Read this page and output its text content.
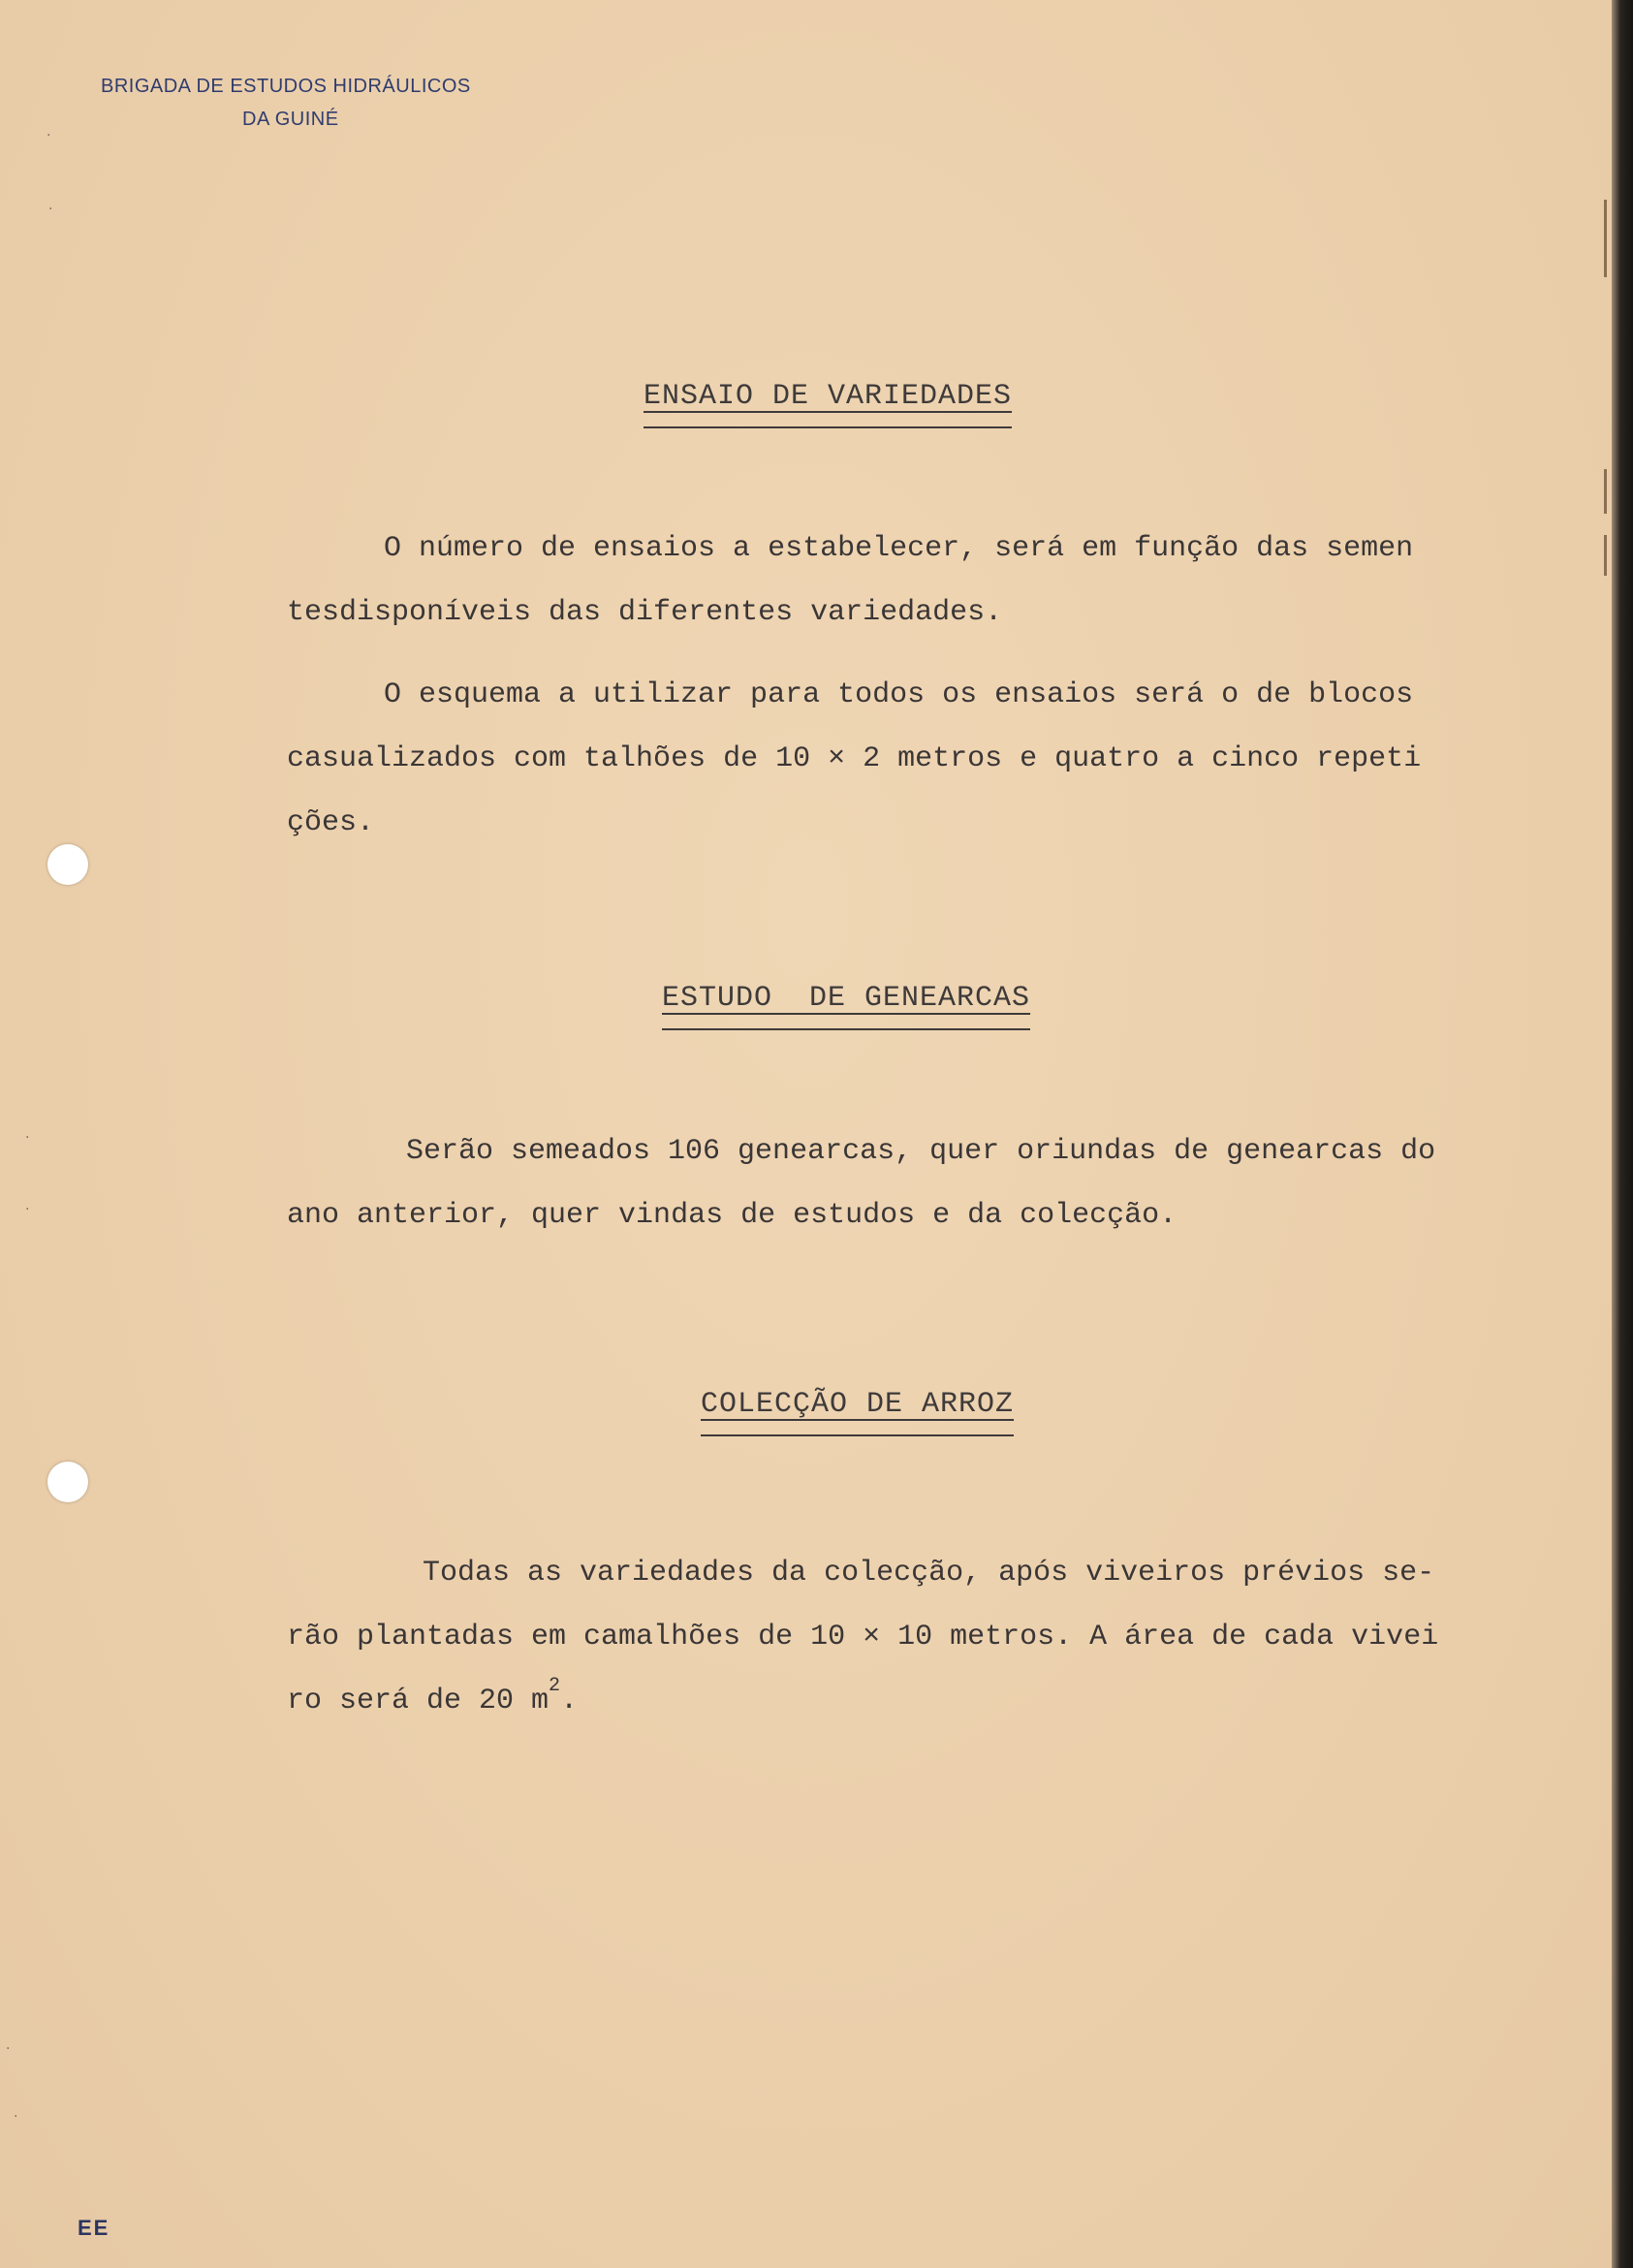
BRIGADA DE ESTUDOS HIDRÁULICOS
DA GUINÉ
ENSAIO DE VARIEDADES
O número de ensaios a estabelecer, será em função das semen
tesdisponíveis das diferentes variedades.
O esquema a utilizar para todos os ensaios será o de blocos
casualizados com talhões de 10 × 2 metros e quatro a cinco repeti
ções.
ESTUDO  DE GENEARCAS
Serão semeados 106 genearcas, quer oriundas de genearcas do
ano anterior, quer vindas de estudos e da colecção.
COLECÇÃO DE ARROZ
Todas as variedades da colecção, após viveiros prévios se-
rão plantadas em camalhões de 10 × 10 metros. A área de cada vivei
ro será de 20 $m^2$.
·
·
·
·
·
·
EE
